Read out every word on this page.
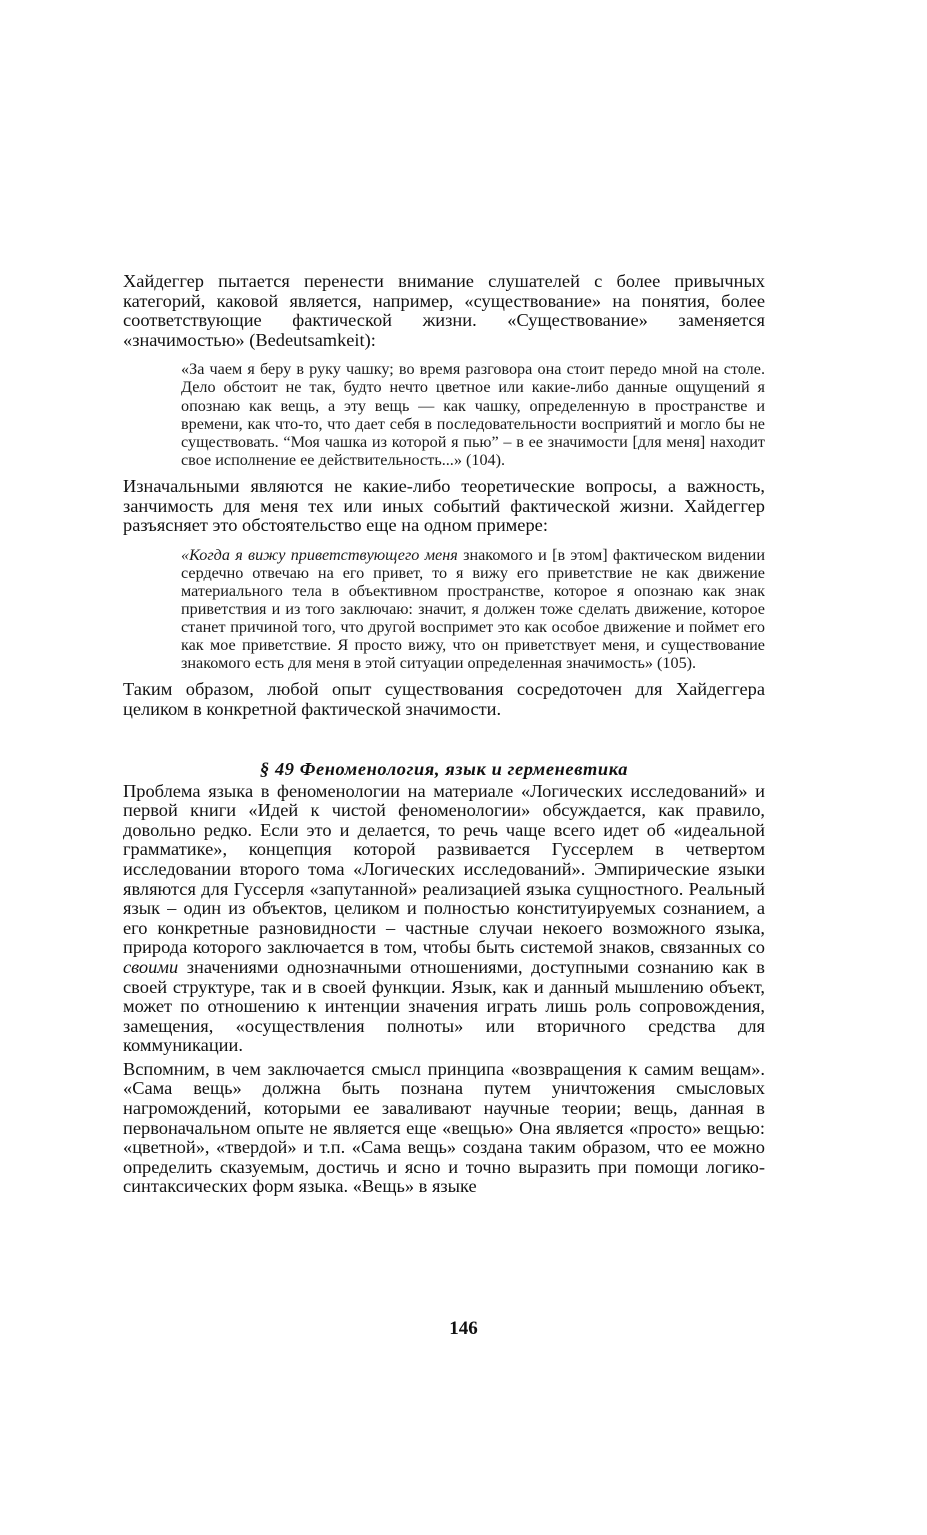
Хайдеггер пытается перенести внимание слушателей с более привычных категорий, каковой является, например, «существование» на понятия, более соответствующие фактической жизни. «Существование» заменяется «значимостью» (Bedeutsamkeit):

«За чаем я беру в руку чашку; во время разговора она стоит передо мной на столе. Дело обстоит не так, будто нечто цветное или какие-либо данные ощущений я опознаю как вещь, а эту вещь — как чашку, определенную в пространстве и времени, как что-то, что дает себя в последовательности восприятий и могло бы не существовать. “Моя чашка из которой я пью” – в ее значимости [для меня] находит свое исполнение ее действительность...» (104).

Изначальными являются не какие-либо теоретические вопросы, а важность, занчимость для меня тех или иных событий фактической жизни. Хайдеггер разъясняет это обстоятельство еще на одном примере:

«Когда я вижу приветствующего меня знакомого и [в этом] фактическом видении сердечно отвечаю на его привет, то я вижу его приветствие не как движение материального тела в объективном пространстве, которое я опознаю как знак приветствия и из того заключаю: значит, я должен тоже сделать движение, которое станет причиной того, что другой воспримет это как особое движение и поймет его как мое приветствие. Я просто вижу, что он приветствует меня, и существование знакомого есть для меня в этой ситуации определенная значимость» (105).

Таким образом, любой опыт существования сосредоточен для Хайдеггера целиком в конкретной фактической значимости.

§ 49 Феноменология, язык и герменевтика

Проблема языка в феноменологии на материале «Логических исследований» и первой книги «Идей к чистой феноменологии» обсуждается, как правило, довольно редко. Если это и делается, то речь чаще всего идет об «идеальной грамматике», концепция которой развивается Гуссерлем в четвертом исследовании второго тома «Логических исследований». Эмпирические языки являются для Гуссерля «запутанной» реализацией языка сущностного. Реальный язык – один из объектов, целиком и полностью конституируемых сознанием, а его конкретные разновидности – частные случаи некоего возможного языка, природа которого заключается в том, чтобы быть системой знаков, связанных со своими значениями однозначными отношениями, доступными сознанию как в своей структуре, так и в своей функции. Язык, как и данный мышлению объект, может по отношению к интенции значения играть лишь роль сопровождения, замещения, «осуществления полноты» или вторичного средства для коммуникации.

Вспомним, в чем заключается смысл принципа «возвращения к самим вещам». «Сама вещь» должна быть познана путем уничтожения смысловых нагромождений, которыми ее заваливают научные теории; вещь, данная в первоначальном опыте не является еще «вещью» Она является «просто» вещью: «цветной», «твердой» и т.п. «Сама вещь» создана таким образом, что ее можно определить сказуемым, достичь и ясно и точно выразить при помощи логико-синтаксических форм языка. «Вещь» в языке

146
